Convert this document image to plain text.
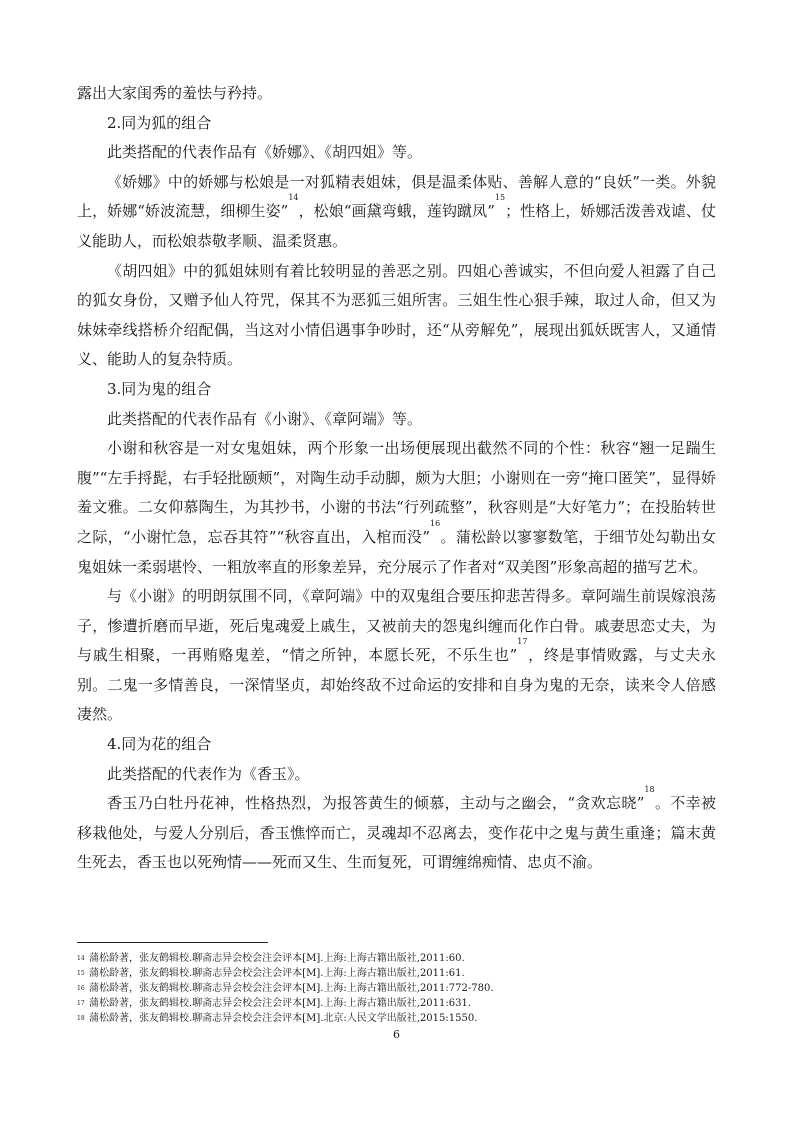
露出大家闺秀的羞怯与矜持。

2.同为狐的组合

此类搭配的代表作品有《娇娜》、《胡四姐》等。

《娇娜》中的娇娜与松娘是一对狐精表姐妹，俱是温柔体贴、善解人意的“良妖”一类。外貌上，娇娜“娇波流慧，细柳生姿”$^{14}$，松娘“画黛弯蛾，莲钩蹴凤”$^{15}$；性格上，娇娜活泼善戏谑、仗义能助人，而松娘恭敬孝顺、温柔贤惠。

《胡四姐》中的狐姐妹则有着比较明显的善恶之别。四姐心善诚实，不但向爱人袒露了自己的狐女身份，又赠予仙人符咒，保其不为恶狐三姐所害。三姐生性心狠手辣，取过人命，但又为妹妹牵线搭桥介绍配偶，当这对小情侣遇事争吵时，还“从旁解免”，展现出狐妖既害人，又通情义、能助人的复杂特质。

3.同为鬼的组合

此类搭配的代表作品有《小谢》、《章阿端》等。

小谢和秋容是一对女鬼姐妹，两个形象一出场便展现出截然不同的个性：秋容“翘一足踹生腹”“左手捋髭，右手轻批颐颊”，对陶生动手动脚，颇为大胆；小谢则在一旁“掩口匿笑”，显得娇羞文雅。二女仰慕陶生，为其抄书，小谢的书法“行列疏整”，秋容则是“大好笔力”；在投胎转世之际，“小谢忙急，忘吞其符”“秋容直出，入棺而没”$^{16}$。蒲松龄以寥寥数笔，于细节处勾勒出女鬼姐妹一柔弱堪怜、一粗放率直的形象差异，充分展示了作者对“双美图”形象高超的描写艺术。

与《小谢》的明朗氛围不同，《章阿端》中的双鬼组合要压抑悲苦得多。章阿端生前误嫁浪荡子，惨遭折磨而早逝，死后鬼魂爱上戚生，又被前夫的怨鬼纠缠而化作白骨。戚妻思恋丈夫，为与戚生相聚，一再贿赂鬼差，“情之所钟，本愿长死，不乐生也”$^{17}$，终是事情败露，与丈夫永别。二鬼一多情善良，一深情坚贞，却始终敌不过命运的安排和自身为鬼的无奈，读来令人倍感凄然。

4.同为花的组合

此类搭配的代表作为《香玉》。

香玉乃白牡丹花神，性格热烈，为报答黄生的倾慕，主动与之幽会，“贪欢忘晓”$^{18}$。不幸被移栽他处，与爱人分别后，香玉憔悴而亡，灵魂却不忍离去，变作花中之鬼与黄生重逢；篇末黄生死去，香玉也以死殉情——死而又生、生而复死，可谓缠绵痴情、忠贞不渝。

14 蒲松龄著，张友鹤辑校.聊斋志异会校会注会评本[M].上海:上海古籍出版社,2011:60.
15 蒲松龄著，张友鹤辑校.聊斋志异会校会注会评本[M].上海:上海古籍出版社,2011:61.
16 蒲松龄著，张友鹤辑校.聊斋志异会校会注会评本[M].上海:上海古籍出版社,2011:772-780.
17 蒲松龄著，张友鹤辑校.聊斋志异会校会注会评本[M].上海:上海古籍出版社,2011:631.
18 蒲松龄著，张友鹤辑校.聊斋志异会校会注会评本[M].北京:人民文学出版社,2015:1550.
6
